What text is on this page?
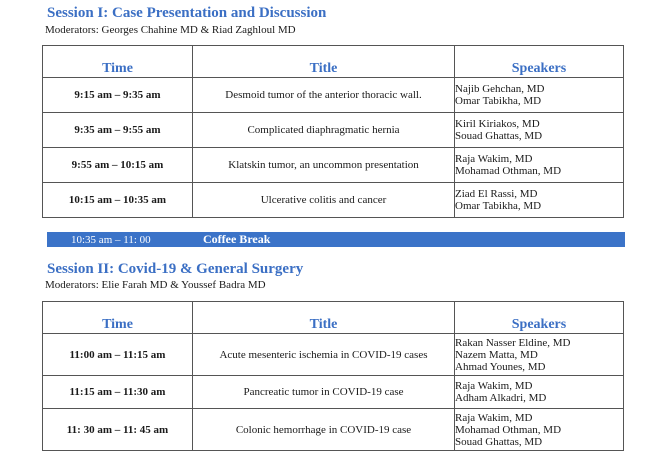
Session I: Case Presentation and Discussion
Moderators: Georges Chahine MD & Riad Zaghloul MD
Time	Title	Speakers
9:15 am – 9:35 am	Desmoid tumor of the anterior thoracic wall.	Najib Gehchan, MD
Omar Tabikha, MD

9:35 am – 9:55 am	Complicated diaphragmatic hernia	Kiril Kiriakos, MD
Souad Ghattas, MD

9:55 am – 10:15 am	Klatskin tumor, an uncommon presentation	Raja Wakim, MD
Mohamad Othman, MD

10:15 am – 10:35 am	Ulcerative colitis and cancer	Ziad El Rassi, MD
Omar Tabikha, MD
10:35 am – 11: 00	Coffee Break
Session II: Covid-19 & General Surgery
Moderators: Elie Farah MD & Youssef Badra MD
Time	Title	Speakers
11:00 am – 11:15 am	Acute mesenteric ischemia in COVID-19 cases	Rakan Nasser Eldine, MD
Nazem Matta, MD
Ahmad Younes, MD

11:15 am – 11:30 am	Pancreatic tumor in COVID-19 case	Raja Wakim, MD
Adham Alkadri, MD

11: 30 am – 11: 45 am	Colonic hemorrhage in COVID-19 case	Raja Wakim, MD
Mohamad Othman, MD
Souad Ghattas, MD
